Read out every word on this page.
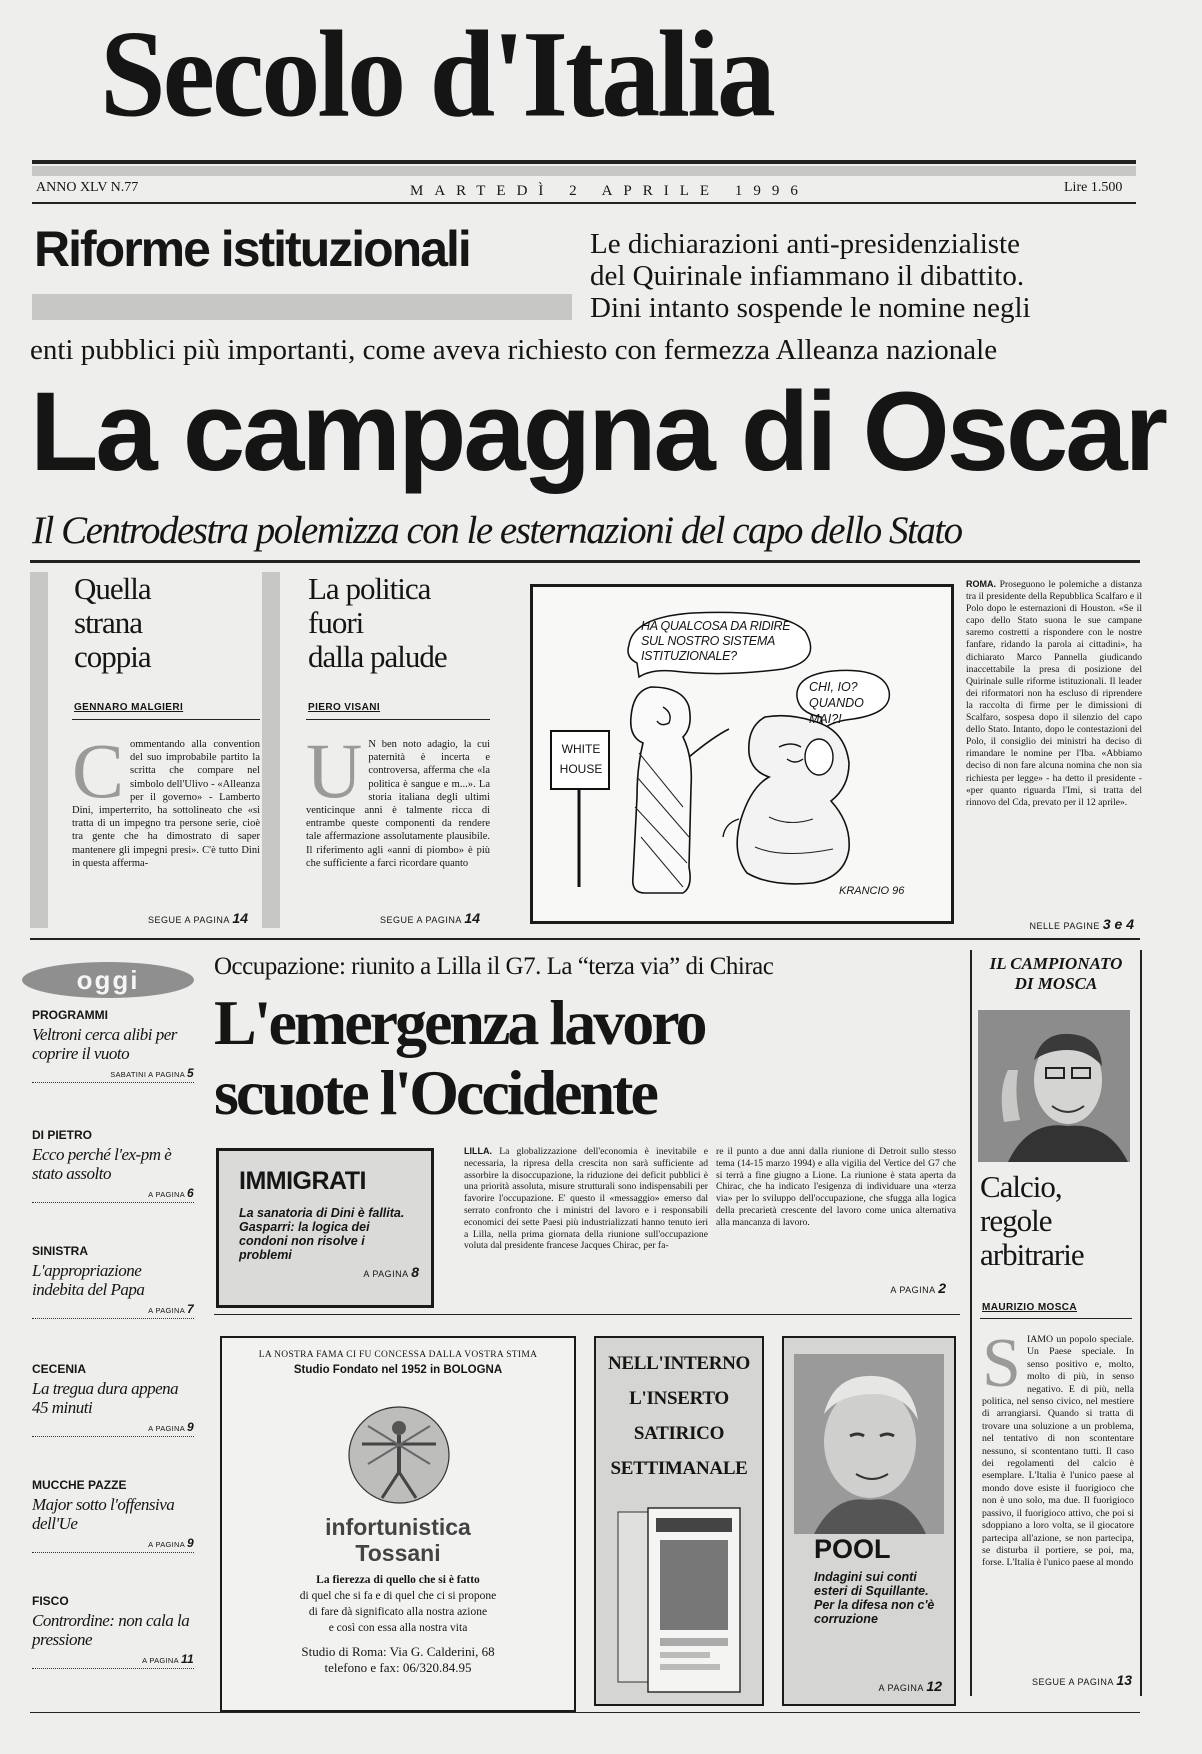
Secolo d'Italia
ANNO XLV N.77	MARTEDÌ 2 APRILE 1996	Lire 1.500
Riforme istituzionali	Le dichiarazioni anti-presidenzialiste
del Quirinale infiammano il dibattito.
Dini intanto sospende le nomine negli
enti pubblici più importanti, come aveva richiesto con fermezza Alleanza nazionale
La campagna di Oscar
Il Centrodestra polemizza con le esternazioni del capo dello Stato
Quella
strana
coppia
GENNARO MALGIERI
Commentando alla convention del suo improbabile partito la scritta che compare nel simbolo dell'Ulivo - «Alleanza per il governo» - Lamberto Dini, imperterrito, ha sottolineato che «si tratta di un impegno tra persone serie, cioè tra gente che ha dimostrato di saper mantenere gli impegni presi». C'è tutto Dini in questa afferma-
SEGUE A PAGINA 14
La politica
fuori
dalla palude
PIERO VISANI
U N ben noto adagio, la cui paternità è incerta e controversa, afferma che «la politica è sangue e m...». La storia italiana degli ultimi venticinque anni è talmente ricca di entrambe queste componenti da rendere tale affermazione assolutamente plausibile. Il riferimento agli «anni di piombo» è più che sufficiente a farci ricordare quanto
SEGUE A PAGINA 14
HA QUALCOSA DA RIDIRE
SUL NOSTRO SISTEMA
ISTITUZIONALE?
CHI, IO?
QUANDO MAI?!
WHITE
HOUSE
KRANCIO 96
ROMA. Proseguono le polemiche a distanza tra il presidente della Repubblica Scalfaro e il Polo dopo le esternazioni di Houston. «Se il capo dello Stato suona le sue campane saremo costretti a rispondere con le nostre fanfare, ridando la parola ai cittadini», ha dichiarato Marco Pannella giudicando inaccettabile la presa di posizione del Quirinale sulle riforme istituzionali. Il leader dei riformatori non ha escluso di riprendere la raccolta di firme per le dimissioni di Scalfaro, sospesa dopo il silenzio del capo dello Stato. Intanto, dopo le contestazioni del Polo, il consiglio dei ministri ha deciso di rimandare le nomine per l'Iba. «Abbiamo deciso di non fare alcuna nomina che non sia richiesta per legge» - ha detto il presidente - «per quanto riguarda l'Imi, si tratta del rinnovo del Cda, prevato per il 12 aprile».
NELLE PAGINE 3 e 4
oggi
PROGRAMMI
Veltroni cerca alibi per coprire il vuoto
SABATINI A PAGINA 5
DI PIETRO
Ecco perché l'ex-pm è stato assolto
A PAGINA 6
SINISTRA
L'appropriazione indebita del Papa
A PAGINA 7
CECENIA
La tregua dura appena 45 minuti
A PAGINA 9
MUCCHE PAZZE
Major sotto l'offensiva dell'Ue
A PAGINA 9
FISCO
Contrordine: non cala la pressione
A PAGINA 11
Occupazione: riunito a Lilla il G7. La “terza via” di Chirac
L'emergenza lavoro
scuote l'Occidente
IMMIGRATI
La sanatoria di Dini è fallita. Gasparri: la logica dei condoni non risolve i problemi
A PAGINA 8
LILLA. La globalizzazione dell'economia è inevitabile e necessaria, la ripresa della crescita non sarà sufficiente ad assorbire la disoccupazione, la riduzione dei deficit pubblici è una priorità assoluta, misure strutturali sono indispensabili per favorire l'occupazione. E' questo il «messaggio» emerso dal serrato confronto che i ministri del lavoro e i responsabili economici dei sette Paesi più industrializzati hanno tenuto ieri a Lilla, nella prima giornata della riunione sull'occupazione voluta dal presidente francese Jacques Chirac, per fa-
re il punto a due anni dalla riunione di Detroit sullo stesso tema (14-15 marzo 1994) e alla vigilia del Vertice del G7 che si terrà a fine giugno a Lione. La riunione è stata aperta da Chirac, che ha indicato l'esigenza di individuare una «terza via» per lo sviluppo dell'occupazione, che sfugga alla logica della precarietà crescente del lavoro come unica alternativa alla mancanza di lavoro.
A PAGINA 2
LA NOSTRA FAMA CI FU CONCESSA DALLA VOSTRA STIMA
Studio Fondato nel 1952 in BOLOGNA
infortunistica
Tossani
La fierezza di quello che si è fatto
di quel che si fa e di quel che ci si propone
di fare dà significato alla nostra azione
e così con essa alla nostra vita
Studio di Roma: Via G. Calderini, 68
telefono e fax: 06/320.84.95
NELL'INTERNO
L'INSERTO
SATIRICO
SETTIMANALE
POOL
Indagini sui conti esteri di Squillante. Per la difesa non c'è corruzione
A PAGINA 12
IL CAMPIONATO
DI MOSCA
Calcio,
regole
arbitrarie
MAURIZIO MOSCA
SIAMO un popolo speciale. Un Paese speciale. In senso positivo e, molto, molto di più, in senso negativo. E di più, nella politica, nel senso civico, nel mestiere di arrangiarsi. Quando si tratta di trovare una soluzione a un problema, nel tentativo di non scontentare nessuno, si scontentano tutti. Il caso dei regolamenti del calcio è esemplare. L'Italia è l'unico paese al mondo dove esiste il fuorigioco che non è uno solo, ma due. Il fuorigioco passivo, il fuorigioco attivo, che poi si sdoppiano a loro volta, se il giocatore partecipa all'azione, se non partecipa, se disturba il portiere, se poi, ma, forse. L'Italia è l'unico paese al mondo
SEGUE A PAGINA 13
